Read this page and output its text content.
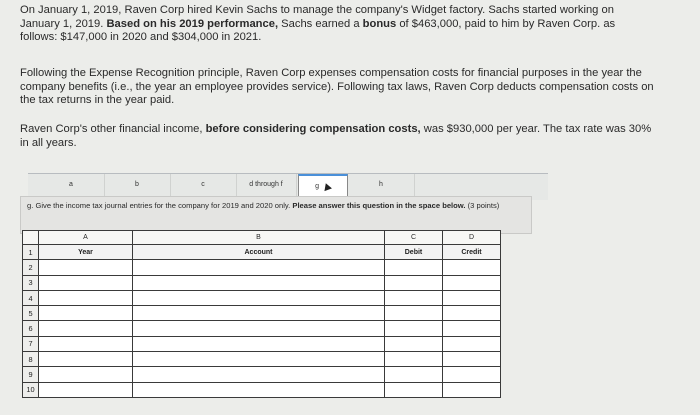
On January 1, 2019, Raven Corp hired Kevin Sachs to manage the company's Widget factory. Sachs started working on January 1, 2019. Based on his 2019 performance, Sachs earned a bonus of $463,000, paid to him by Raven Corp. as follows: $147,000 in 2020 and $304,000 in 2021.

Following the Expense Recognition principle, Raven Corp expenses compensation costs for financial purposes in the year the company benefits (i.e., the year an employee provides service). Following tax laws, Raven Corp deducts compensation costs on the tax returns in the year paid.

Raven Corp's other financial income, before considering compensation costs, was $930,000 per year. The tax rate was 30% in all years.

a	b	c	d through f	g	h
g. Give the income tax journal entries for the company for 2019 and 2020 only. Please answer this question in the space below. (3 points)
	A	B	C	D
1	Year	Account	Debit	Credit
2				
3				
4				
5				
6				
7				
8				
9				
10				
